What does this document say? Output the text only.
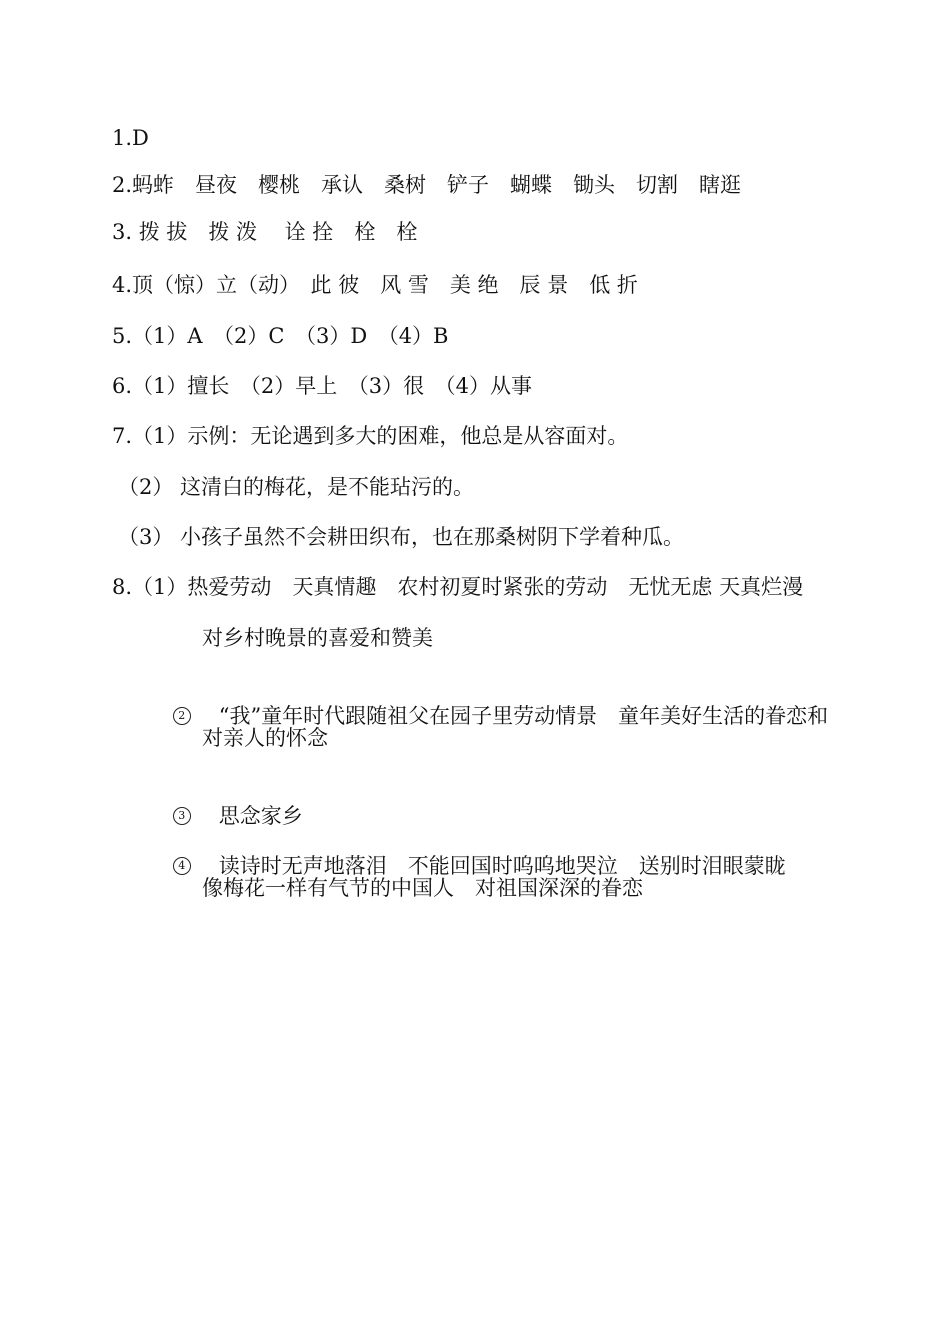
1.D
2.蚂蚱　昼夜　樱桃　承认　桑树　铲子　蝴蝶　锄头　切割　瞎逛
3. 拨 拔　拨 泼　 诠 拴　栓　栓
4.顶（惊）立（动）　此 彼　风 雪　美 绝　辰 景　低 折
5.（1）A　（2）C　（3）D　（4）B
6.（1）擅长　（2）早上　（3）很　（4）从事
7.（1）示例：无论遇到多大的困难，他总是从容面对。
（2） 这清白的梅花，是不能玷污的。
（3） 小孩子虽然不会耕田织布，也在那桑树阴下学着种瓜。
8.（1）热爱劳动　天真情趣　农村初夏时紧张的劳动　无忧无虑 天真烂漫
对乡村晚景的喜爱和赞美

2 “我”童年时代跟随祖父在园子里劳动情景　童年美好生活的眷恋和

对亲人的怀念

3 思念家乡

4 读诗时无声地落泪　不能回国时呜呜地哭泣　送别时泪眼蒙眬

像梅花一样有气节的中国人　对祖国深深的眷恋
